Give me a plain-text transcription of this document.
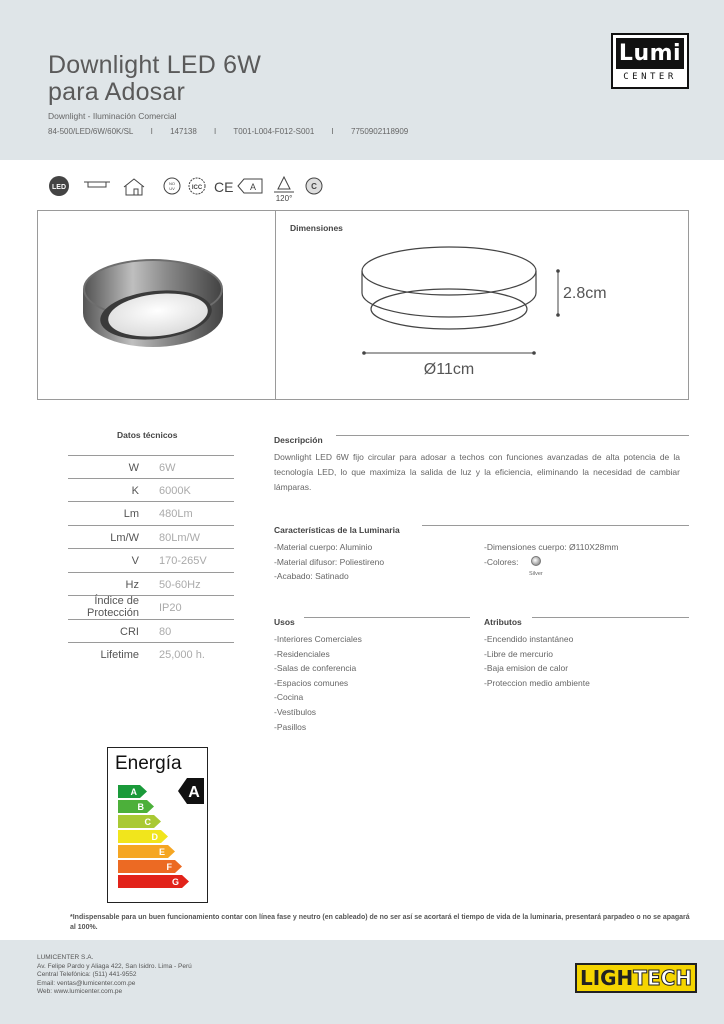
Downlight LED 6W
para Adosar
Downlight - Iluminación Comercial
84-500/LED/6W/60K/SL I 147138 I T001-L004-F012-S001 I 7750902118909
Lumi
CENTER
LED
NO
UV	ICC CE A
120°
C
Dimensiones
2.8cm
Ø11cm
Datos técnicos
W 6W
K 6000K
Lm 480Lm
Lm/W 80Lm/W
V 170-265V
Hz 50-60Hz
Índice de Protección IP20
CRI 80
Lifetime 25,000 h.
Descripción
Downlight LED 6W fijo circular para adosar a techos con funciones avanzadas de alta potencia de la tecnología LED, lo que maximiza la salida de luz y la eficiencia, eliminando la necesidad de cambiar lámparas.
Características de la Luminaria
-Material cuerpo: Aluminio
-Material difusor: Poliestireno
-Acabado: Satinado
-Dimensiones cuerpo: Ø110X28mm
-Colores:
Silver
Usos
-Interiores Comerciales
-Residenciales
-Salas de conferencia
-Espacios comunes
-Cocina
-Vestíbulos
-Pasillos
Atributos
-Encendido instantáneo
-Libre de mercurio
-Baja emision de calor
-Proteccion medio ambiente
Energía
A
A
B
C
D
E
F
G
*Indispensable para un buen funcionamiento contar con línea fase y neutro (en cableado) de no ser así se acortará el tiempo de vida de la luminaria, presentará parpadeo o no se apagará al 100%.
LUMICENTER S.A.
Av. Felipe Pardo y Aliaga 422, San Isidro. Lima - Perú
Central Telefónica: (511) 441-9552
Email: ventas@lumicenter.com.pe
Web: www.lumicenter.com.pe
LIGHTECH
